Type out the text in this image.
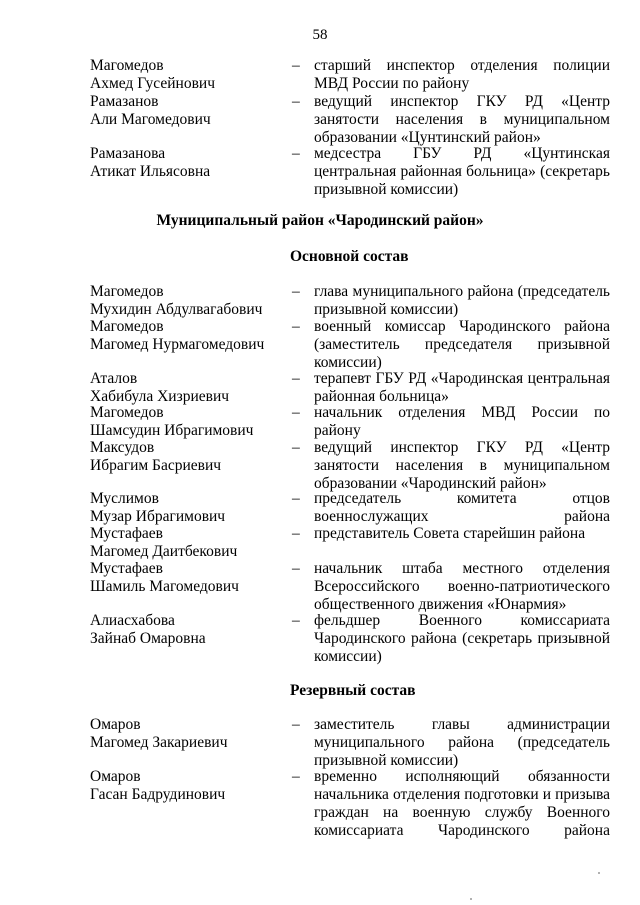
58
Магомедов
Ахмед Гусейнович
– старший инспектор отделения полиции МВД России по району
Рамазанов
Али Магомедович
– ведущий инспектор ГКУ РД «Центр занятости населения в муниципальном образовании «Цунтинский район»
Рамазанова
Атикат Ильясовна
– медсестра ГБУ РД «Цунтинская центральная районная больница» (секретарь призывной комиссии)
Муниципальный район «Чародинский район»
Основной состав
Магомедов
Мухидин Абдулвагабович
– глава муниципального района (председатель призывной комиссии)
Магомедов
Магомед Нурмагомедович
– военный комиссар Чародинского района (заместитель председателя призывной комиссии)
Аталов
Хабибула Хизриевич
– терапевт ГБУ РД «Чародинская центральная районная больница»
Магомедов
Шамсудин Ибрагимович
– начальник отделения МВД России по району
Максудов
Ибрагим Басриевич
– ведущий инспектор ГКУ РД «Центр занятости населения в муниципальном образовании «Чародинский район»
Муслимов
Музар Ибрагимович
– председатель комитета отцов военнослужащих района
Мустафаев
Магомед Даитбекович
– представитель Совета старейшин района
Мустафаев
Шамиль Магомедович
– начальник штаба местного отделения Всероссийского военно-патриотического общественного движения «Юнармия»
Алиасхабова
Зайнаб Омаровна
– фельдшер Военного комиссариата Чародинского района (секретарь призывной комиссии)
Резервный состав
Омаров
Магомед Закариевич
– заместитель главы администрации муниципального района (председатель призывной комиссии)
Омаров
Гасан Бадрудинович
– временно исполняющий обязанности начальника отделения подготовки и призыва граждан на военную службу Военного комиссариата Чародинского района
